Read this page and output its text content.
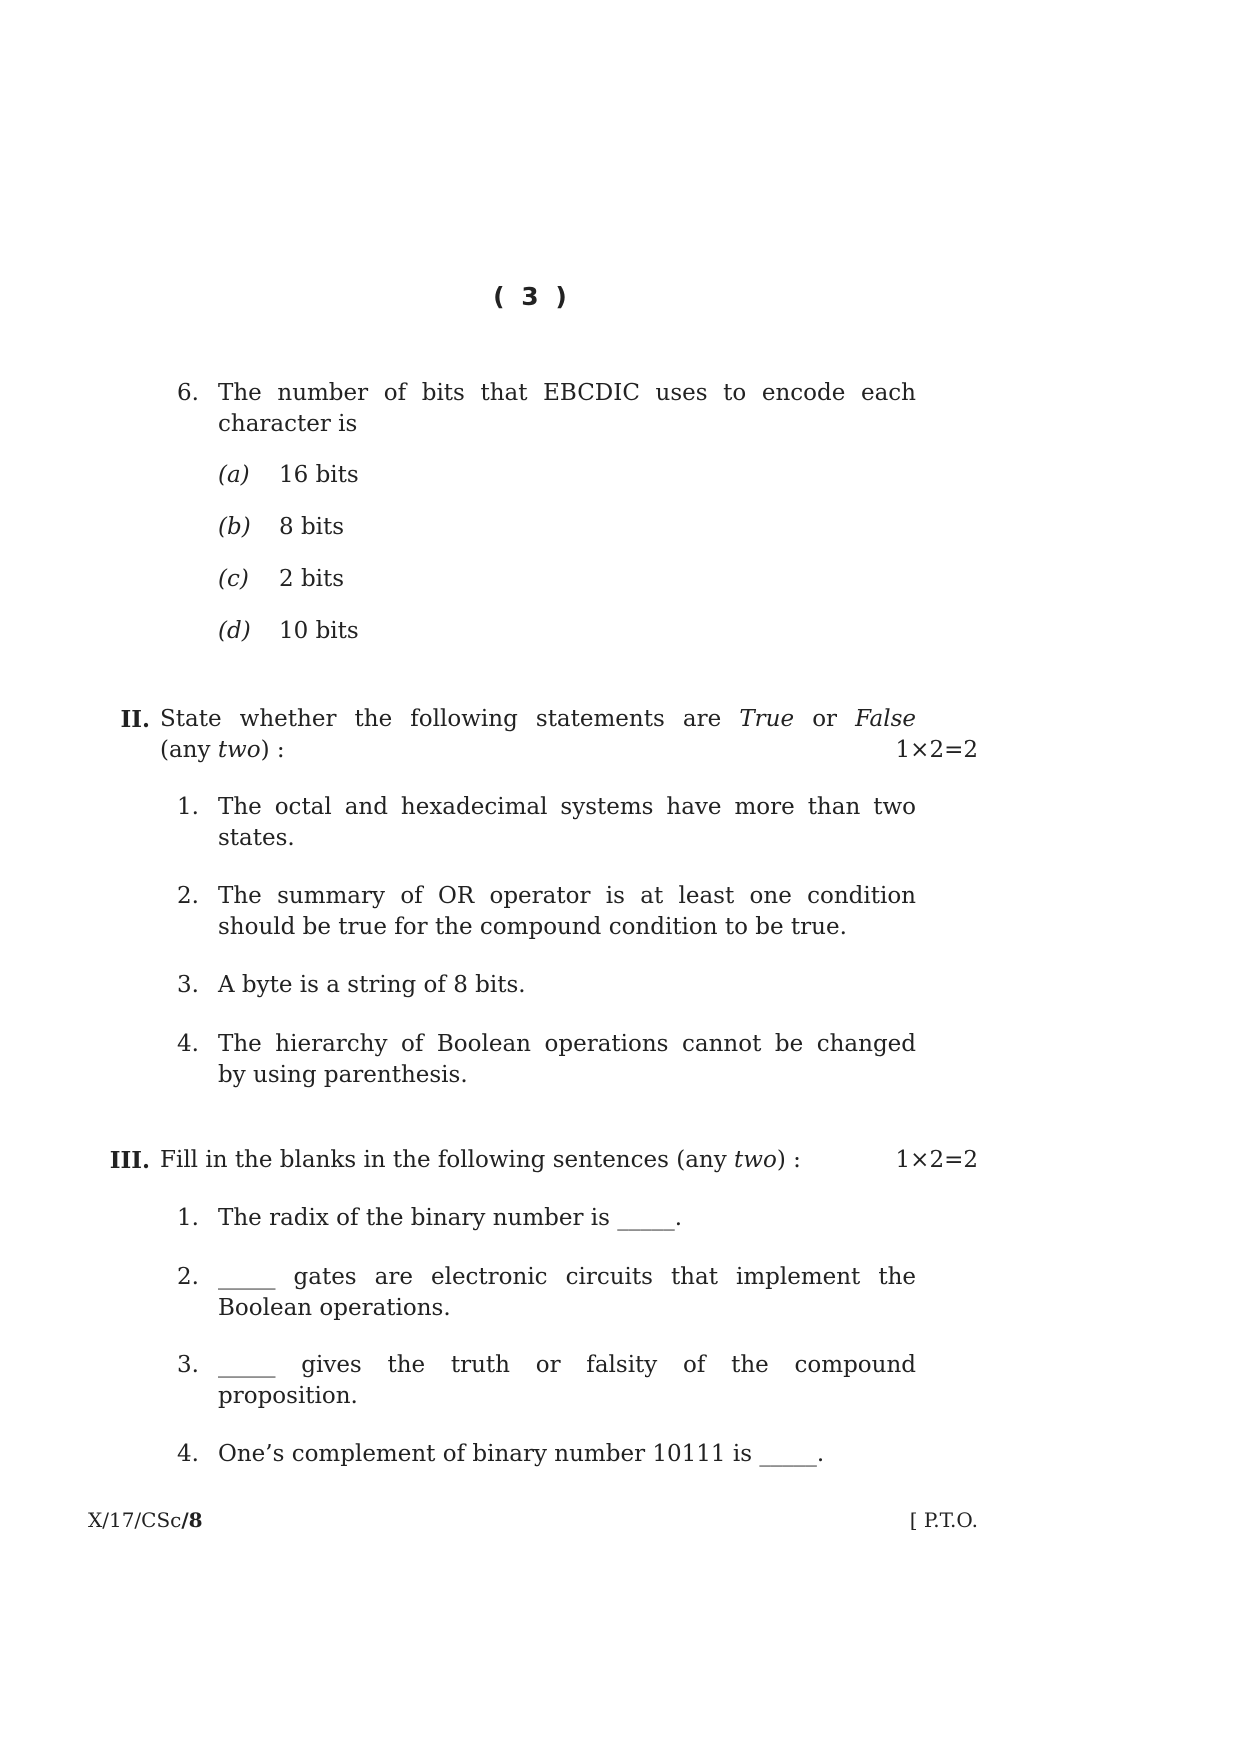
( 3 )
6. The number of bits that EBCDIC uses to encode each
character is
(a) 16 bits
(b) 8 bits
(c) 2 bits
(d) 10 bits
II. State whether the following statements are True or False
(any two) :	1×2=2
1. The octal and hexadecimal systems have more than two
states.
2. The summary of OR operator is at least one condition
should be true for the compound condition to be true.
3. A byte is a string of 8 bits.
4. The hierarchy of Boolean operations cannot be changed
by using parenthesis.
III. Fill in the blanks in the following sentences (any two) :	1×2=2
1. The radix of the binary number is _____.
2. _____ gates are electronic circuits that implement the
Boolean operations.
3. _____ gives the truth or falsity of the compound
proposition.
4. One’s complement of binary number 10111 is _____.
X/17/CSc/8	[ P.T.O.
